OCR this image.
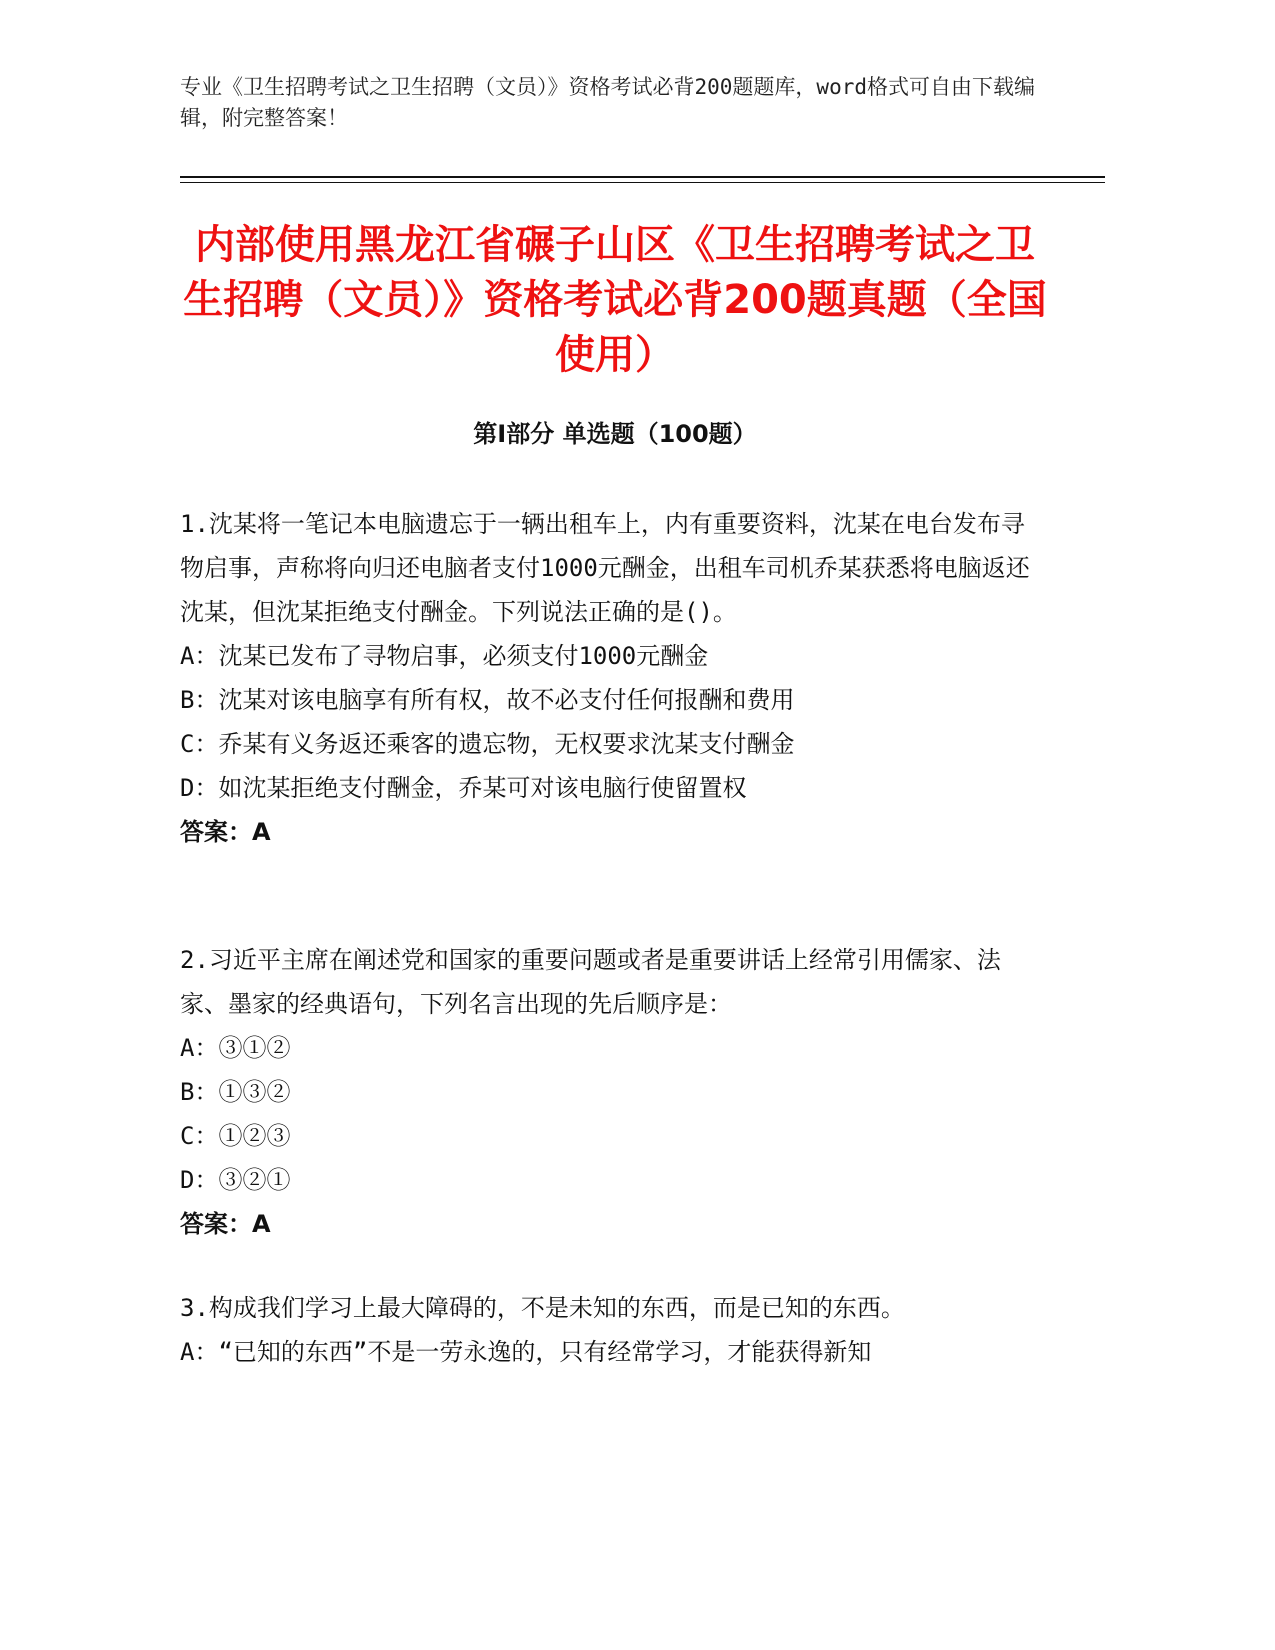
专业《卫生招聘考试之卫生招聘（文员）》资格考试必背200题题库，word格式可自由下载编辑，附完整答案！
内部使用黑龙江省碾子山区《卫生招聘考试之卫生招聘（文员）》资格考试必背200题真题（全国使用）
第I部分 单选题（100题）

1.沈某将一笔记本电脑遗忘于一辆出租车上，内有重要资料，沈某在电台发布寻物启事，声称将向归还电脑者支付1000元酬金，出租车司机乔某获悉将电脑返还沈某，但沈某拒绝支付酬金。下列说法正确的是()。

A：沈某已发布了寻物启事，必须支付1000元酬金

B：沈某对该电脑享有所有权，故不必支付任何报酬和费用

C：乔某有义务返还乘客的遗忘物，无权要求沈某支付酬金

D：如沈某拒绝支付酬金，乔某可对该电脑行使留置权

答案：A

2.习近平主席在阐述党和国家的重要问题或者是重要讲话上经常引用儒家、法家、墨家的经典语句，下列名言出现的先后顺序是：

A：③①②

B：①③②

C：①②③

D：③②①

答案：A

3.构成我们学习上最大障碍的，不是未知的东西，而是已知的东西。

A：“已知的东西”不是一劳永逸的，只有经常学习，才能获得新知
